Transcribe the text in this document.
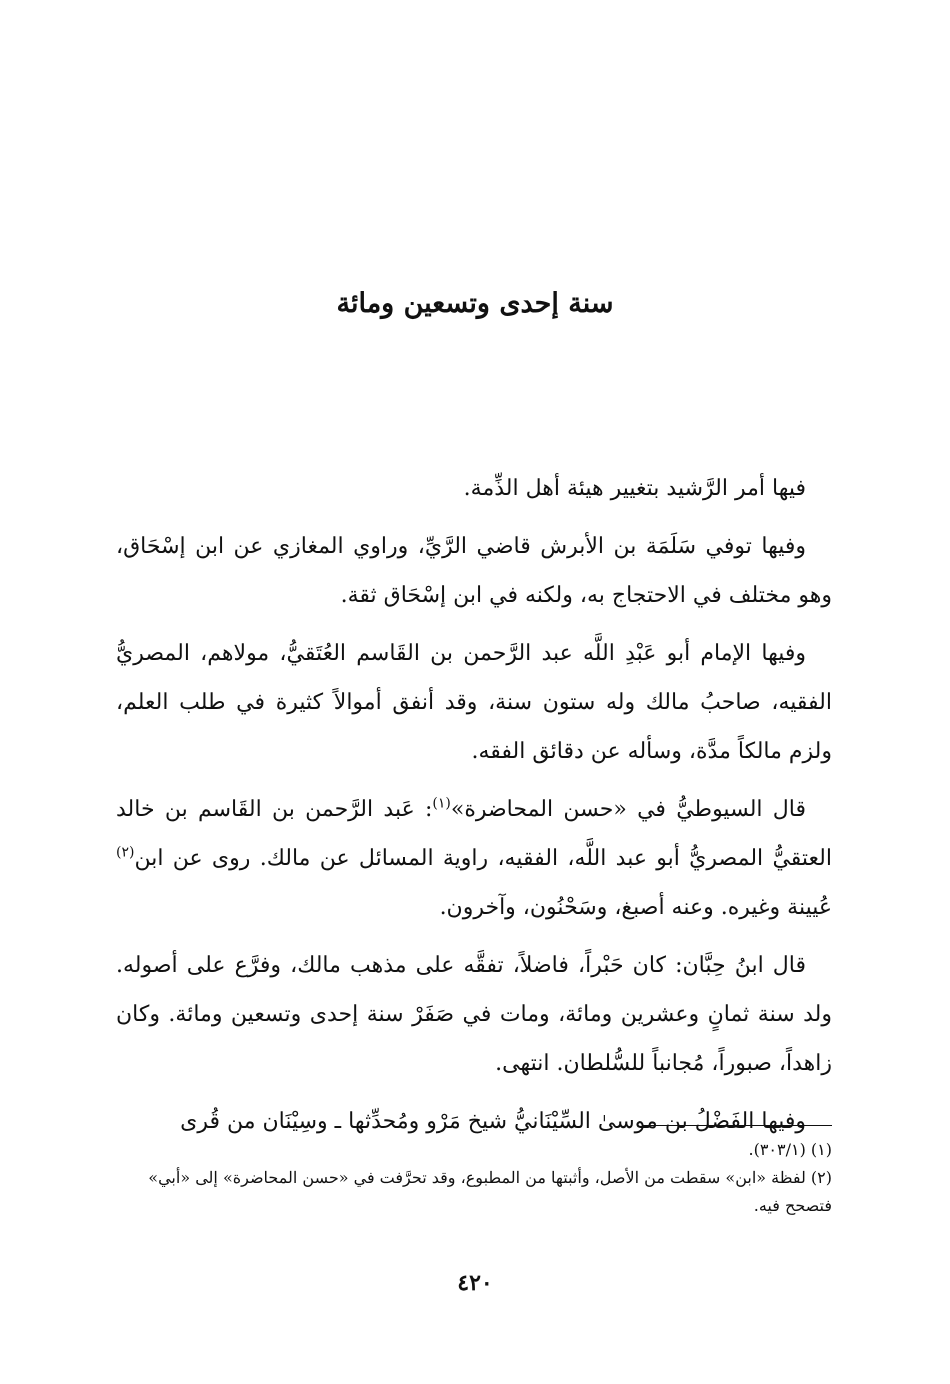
سنة إحدى وتسعين ومائة

فيها أمر الرَّشيد بتغيير هيئة أهل الذِّمة.

وفيها توفي سَلَمَة بن الأبرش قاضي الرَّيِّ، وراوي المغازي عن ابن إسْحَاق، وهو مختلف في الاحتجاج به، ولكنه في ابن إسْحَاق ثقة.

وفيها الإمام أبو عَبْدِ اللَّه عبد الرَّحمن بن القَاسم العُتَقيُّ، مولاهم، المصريُّ الفقيه، صاحبُ مالك وله ستون سنة، وقد أنفق أموالاً كثيرة في طلب العلم، ولزم مالكاً مدَّة، وسأله عن دقائق الفقه.

قال السيوطيُّ في «حسن المحاضرة»$^{(١)}$: عَبد الرَّحمن بن القَاسم بن خالد العتقيُّ المصريُّ أبو عبد اللَّه، الفقيه، راوية المسائل عن مالك. روى عن ابن$^{(٢)}$ عُيينة وغيره. وعنه أصبغ، وسَحْنُون، وآخرون.

قال ابنُ حِبَّان: كان حَبْراً، فاضلاً، تفقَّه على مذهب مالك، وفرَّع على أصوله. ولد سنة ثمانٍ وعشرين ومائة، ومات في صَفَرْ سنة إحدى وتسعين ومائة. وكان زاهداً، صبوراً، مُجانباً للسُّلطان. انتهى.

وفيها الفَضْلُ بن موسىٰ السِّيْنَانيُّ شيخ مَرْو ومُحدِّثها ـ وسِيْنَان من قُرى

(١) (٣٠٣/١).

(٢) لفظة «ابن» سقطت من الأصل، وأثبتها من المطبوع، وقد تحرَّفت في «حسن المحاضرة» إلى «أبي» فتصحح فيه.

٤٢٠
